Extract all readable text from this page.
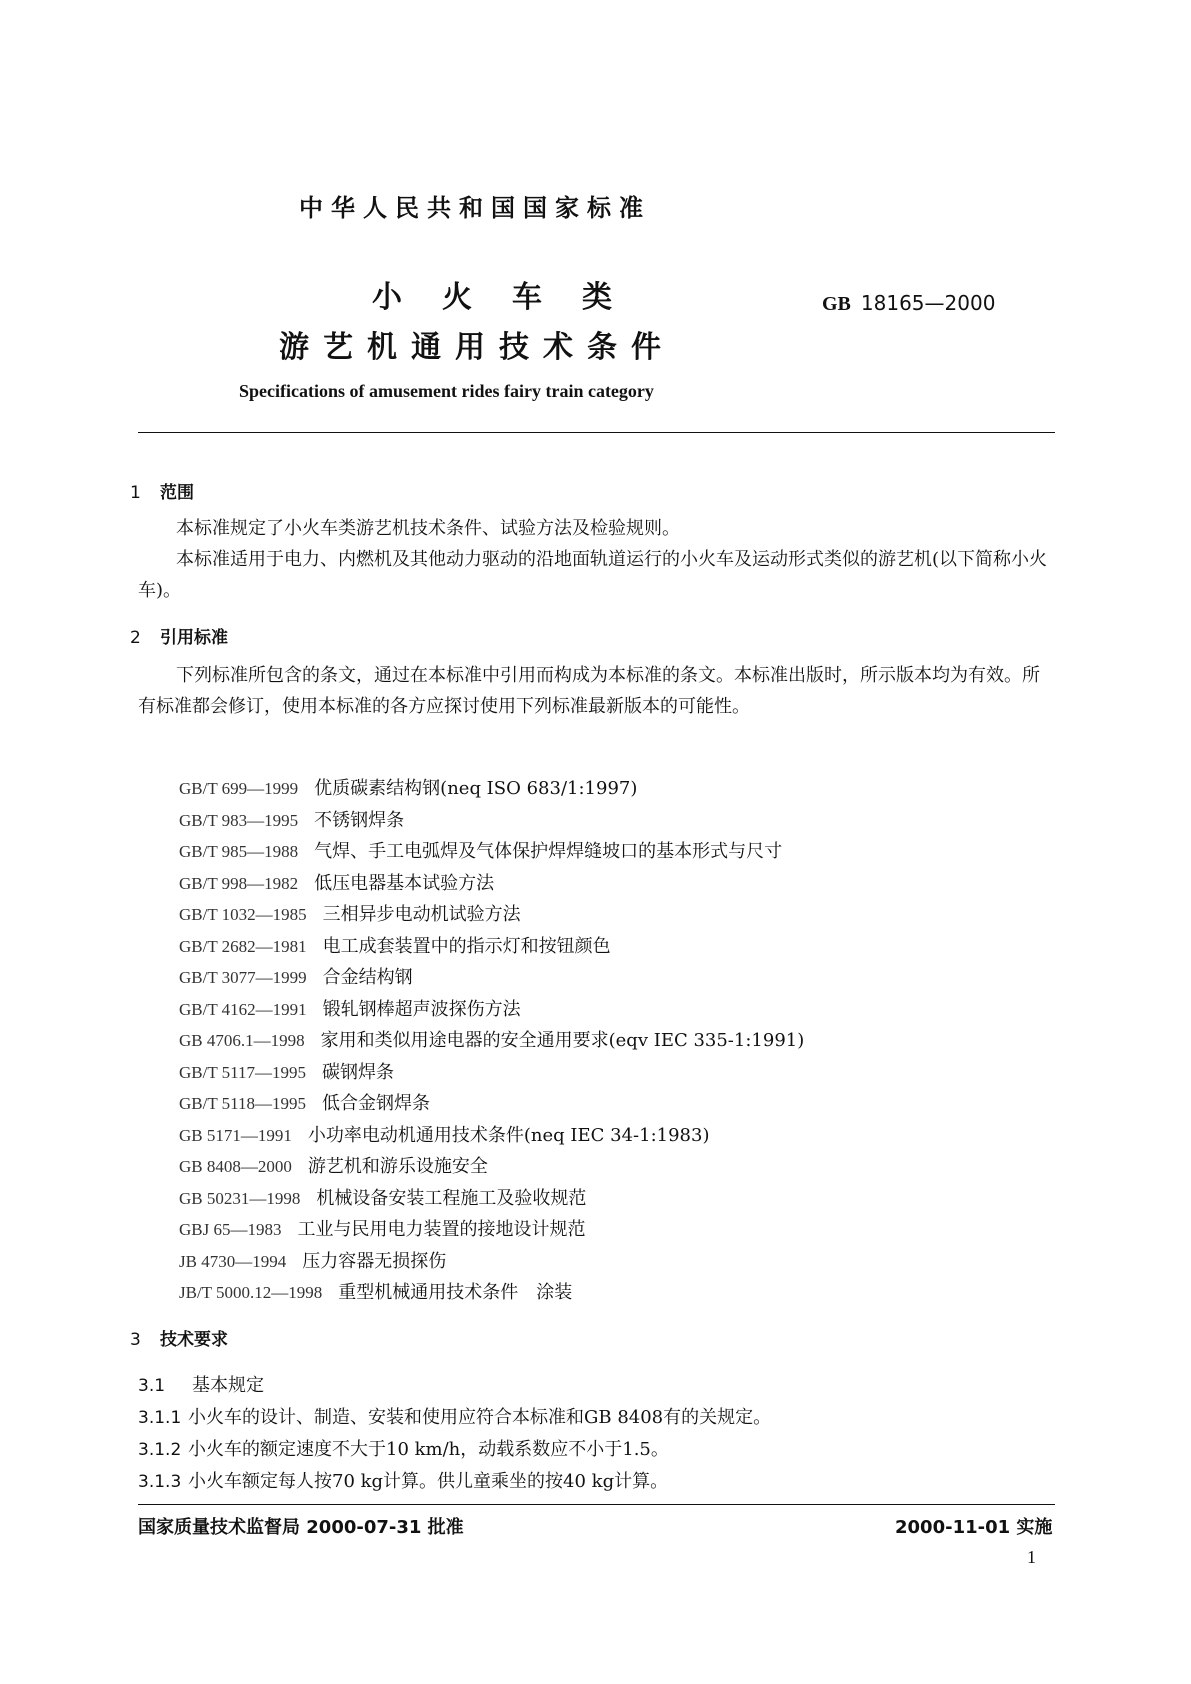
中华人民共和国国家标准
小火车类
游艺机通用技术条件
GB 18165—2000
Specifications of amusement rides fairy train category
1 范围
本标准规定了小火车类游艺机技术条件、试验方法及检验规则。
本标准适用于电力、内燃机及其他动力驱动的沿地面轨道运行的小火车及运动形式类似的游艺机(以下简称小火车)。
2 引用标准
下列标准所包含的条文，通过在本标准中引用而构成为本标准的条文。本标准出版时，所示版本均为有效。所有标准都会修订，使用本标准的各方应探讨使用下列标准最新版本的可能性。
GB/T 699—1999 优质碳素结构钢(neq ISO 683/1:1997)
GB/T 983—1995 不锈钢焊条
GB/T 985—1988 气焊、手工电弧焊及气体保护焊焊缝坡口的基本形式与尺寸
GB/T 998—1982 低压电器基本试验方法
GB/T 1032—1985 三相异步电动机试验方法
GB/T 2682—1981 电工成套装置中的指示灯和按钮颜色
GB/T 3077—1999 合金结构钢
GB/T 4162—1991 锻轧钢棒超声波探伤方法
GB 4706.1—1998 家用和类似用途电器的安全通用要求(eqv IEC 335-1:1991)
GB/T 5117—1995 碳钢焊条
GB/T 5118—1995 低合金钢焊条
GB 5171—1991 小功率电动机通用技术条件(neq IEC 34-1:1983)
GB 8408—2000 游艺机和游乐设施安全
GB 50231—1998 机械设备安装工程施工及验收规范
GBJ 65—1983 工业与民用电力装置的接地设计规范
JB 4730—1994 压力容器无损探伤
JB/T 5000.12—1998 重型机械通用技术条件　涂装
3 技术要求
3.1 基本规定
3.1.1 小火车的设计、制造、安装和使用应符合本标准和GB 8408有的关规定。
3.1.2 小火车的额定速度不大于10 km/h，动载系数应不小于1.5。
3.1.3 小火车额定每人按70 kg计算。供儿童乘坐的按40 kg计算。
国家质量技术监督局 2000-07-31 批准	2000-11-01 实施
1
